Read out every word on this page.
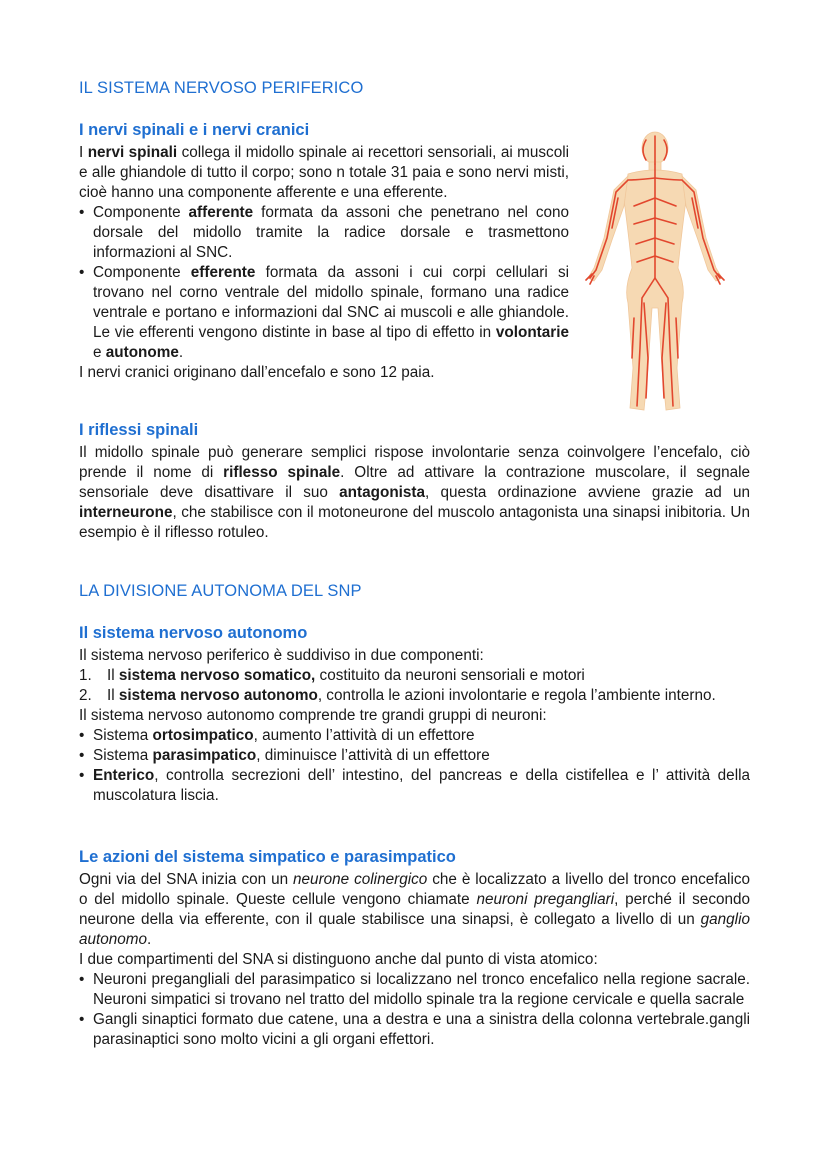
IL SISTEMA NERVOSO PERIFERICO
I nervi spinali e i nervi cranici

I nervi spinali collega il midollo spinale ai recettori sensoriali, ai muscoli e alle ghiandole di tutto il corpo; sono n totale 31 paia e sono nervi misti, cioè hanno una componente afferente e una efferente.

• Componente afferente formata da assoni che penetrano nel cono dorsale del midollo tramite la radice dorsale e trasmettono informazioni al SNC.
• Componente efferente formata da assoni i cui corpi cellulari si trovano nel corno ventrale del midollo spinale, formano una radice ventrale e portano e informazioni dal SNC ai muscoli e alle ghiandole. Le vie efferenti vengono distinte in base al tipo di effetto in volontarie e autonome.

I nervi cranici originano dall’encefalo e sono 12 paia.

I riflessi spinali

Il midollo spinale può generare semplici rispose involontarie senza coinvolgere l’encefalo, ciò prende il nome di riflesso spinale. Oltre ad attivare la contrazione muscolare, il segnale sensoriale deve disattivare il suo antagonista, questa ordinazione avviene grazie ad un interneurone, che stabilisce con il motoneurone del muscolo antagonista una sinapsi inibitoria. Un esempio è il riflesso rotuleo.

LA DIVISIONE AUTONOMA DEL SNP
Il sistema nervoso autonomo

Il sistema nervoso periferico è suddiviso in due componenti:

1. Il sistema nervoso somatico, costituito da neuroni sensoriali e motori
2. Il sistema nervoso autonomo, controlla le azioni involontarie e regola l’ambiente interno.

Il sistema nervoso autonomo comprende tre grandi gruppi di neuroni:

• Sistema ortosimpatico, aumento l’attività di un effettore
• Sistema parasimpatico, diminuisce l’attività di un effettore
• Enterico, controlla secrezioni dell’ intestino, del pancreas e della cistifellea e l’ attività della muscolatura liscia.
Le azioni del sistema simpatico e parasimpatico

Ogni via del SNA inizia con un neurone colinergico che è localizzato a livello del tronco encefalico o del midollo spinale. Queste cellule vengono chiamate neuroni pregangliari, perché il secondo neurone della via efferente, con il quale stabilisce una sinapsi, è collegato a livello di un ganglio autonomo.

I due compartimenti del SNA si distinguono anche dal punto di vista atomico:

• Neuroni pregangliali del parasimpatico si localizzano nel tronco encefalico nella regione sacrale. Neuroni simpatici si trovano nel tratto del midollo spinale tra la regione cervicale e quella sacrale
• Gangli sinaptici formato due catene, una a destra e una a sinistra della colonna vertebrale.gangli parasinaptici sono molto vicini a gli organi effettori.
